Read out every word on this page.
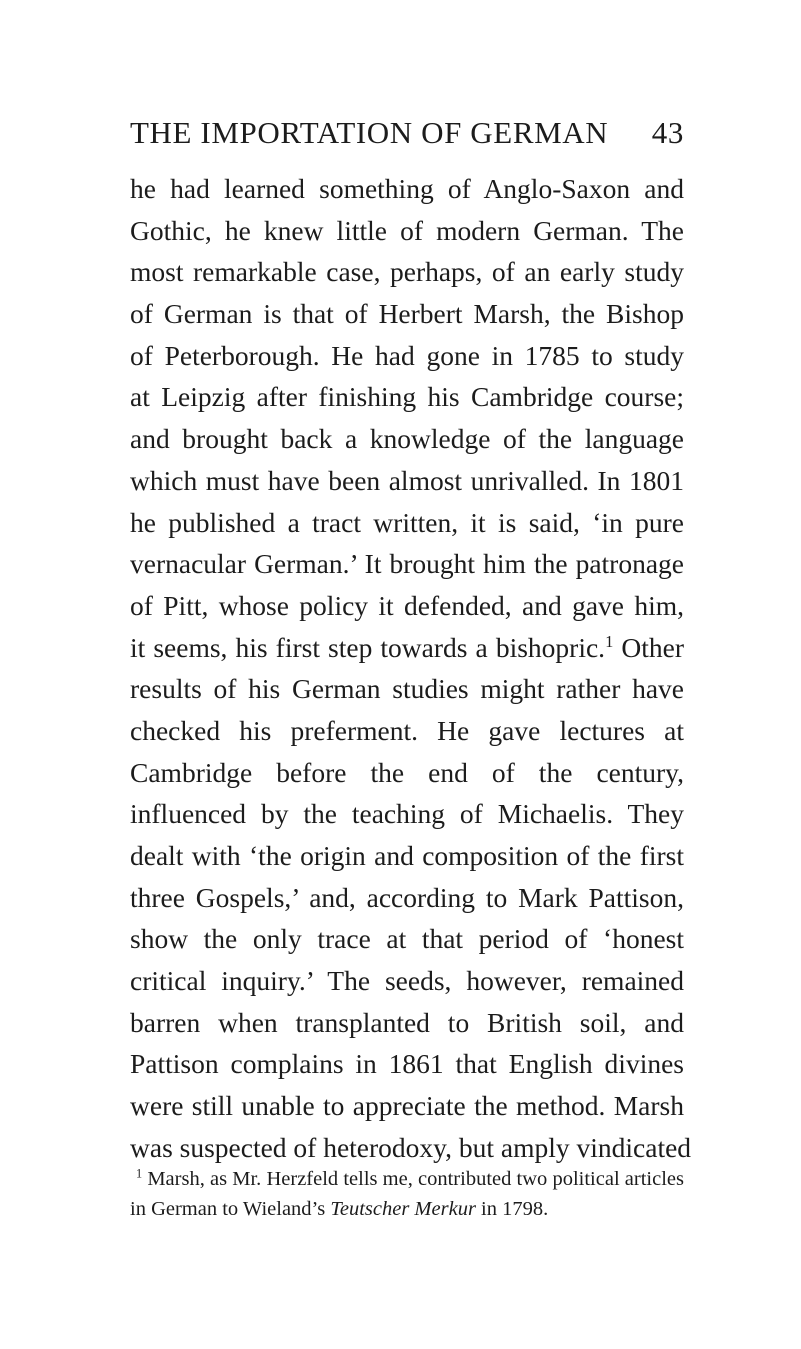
THE IMPORTATION OF GERMAN 43
he had learned something of Anglo-Saxon and
Gothic, he knew little of modern German. The
most remarkable case, perhaps, of an early study
of German is that of Herbert Marsh, the Bishop
of Peterborough. He had gone in 1785 to study
at Leipzig after finishing his Cambridge course;
and brought back a knowledge of the language
which must have been almost unrivalled. In 1801
he published a tract written, it is said, ‘in pure
vernacular German.’ It brought him the patronage
of Pitt, whose policy it defended, and gave him,
it seems, his first step towards a bishopric.$^1$ Other
results of his German studies might rather have
checked his preferment. He gave lectures at
Cambridge before the end of the century,
influenced by the teaching of Michaelis. They
dealt with ‘the origin and composition of the first
three Gospels,’ and, according to Mark Pattison,
show the only trace at that period of ‘honest
critical inquiry.’ The seeds, however, remained
barren when transplanted to British soil, and
Pattison complains in 1861 that English divines
were still unable to appreciate the method. Marsh
was suspected of heterodoxy, but amply vindicated
$^1$ Marsh, as Mr. Herzfeld tells me, contributed two political articles
in German to Wieland’s Teutscher Merkur in 1798.
